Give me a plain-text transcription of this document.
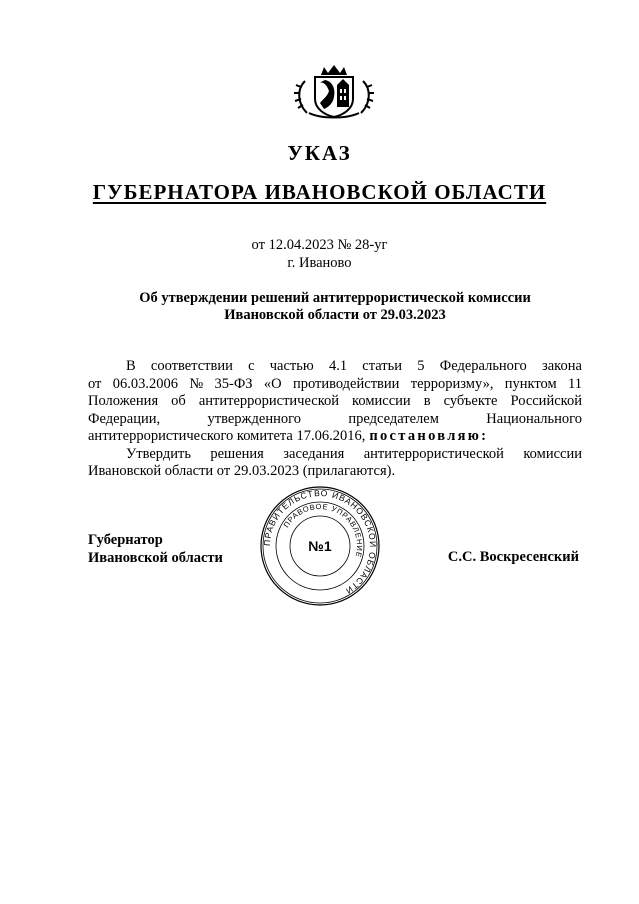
УКАЗ
ГУБЕРНАТОРА ИВАНОВСКОЙ ОБЛАСТИ
от 12.04.2023 № 28-уг
г. Иваново
Об утверждении решений антитеррористической комиссии
Ивановской области от 29.03.2023
В соответствии с частью 4.1 статьи 5 Федерального закона
от 06.03.2006 № 35-ФЗ «О противодействии терроризму», пунктом 11
Положения об антитеррористической комиссии в субъекте Российской
Федерации,	утвержденного	председателем	Национального
антитеррористического комитета 17.06.2016, постановляю:
Утвердить решения заседания антитеррористической комиссии
Ивановской области от 29.03.2023 (прилагаются).
Губернатор
Ивановской области	С.С. Воскресенский
ПРАВИТЕЛЬСТВО ИВАНОВСКОЙ ОБЛАСТИ
ПРАВОВОЕ УПРАВЛЕНИЕ
№1
